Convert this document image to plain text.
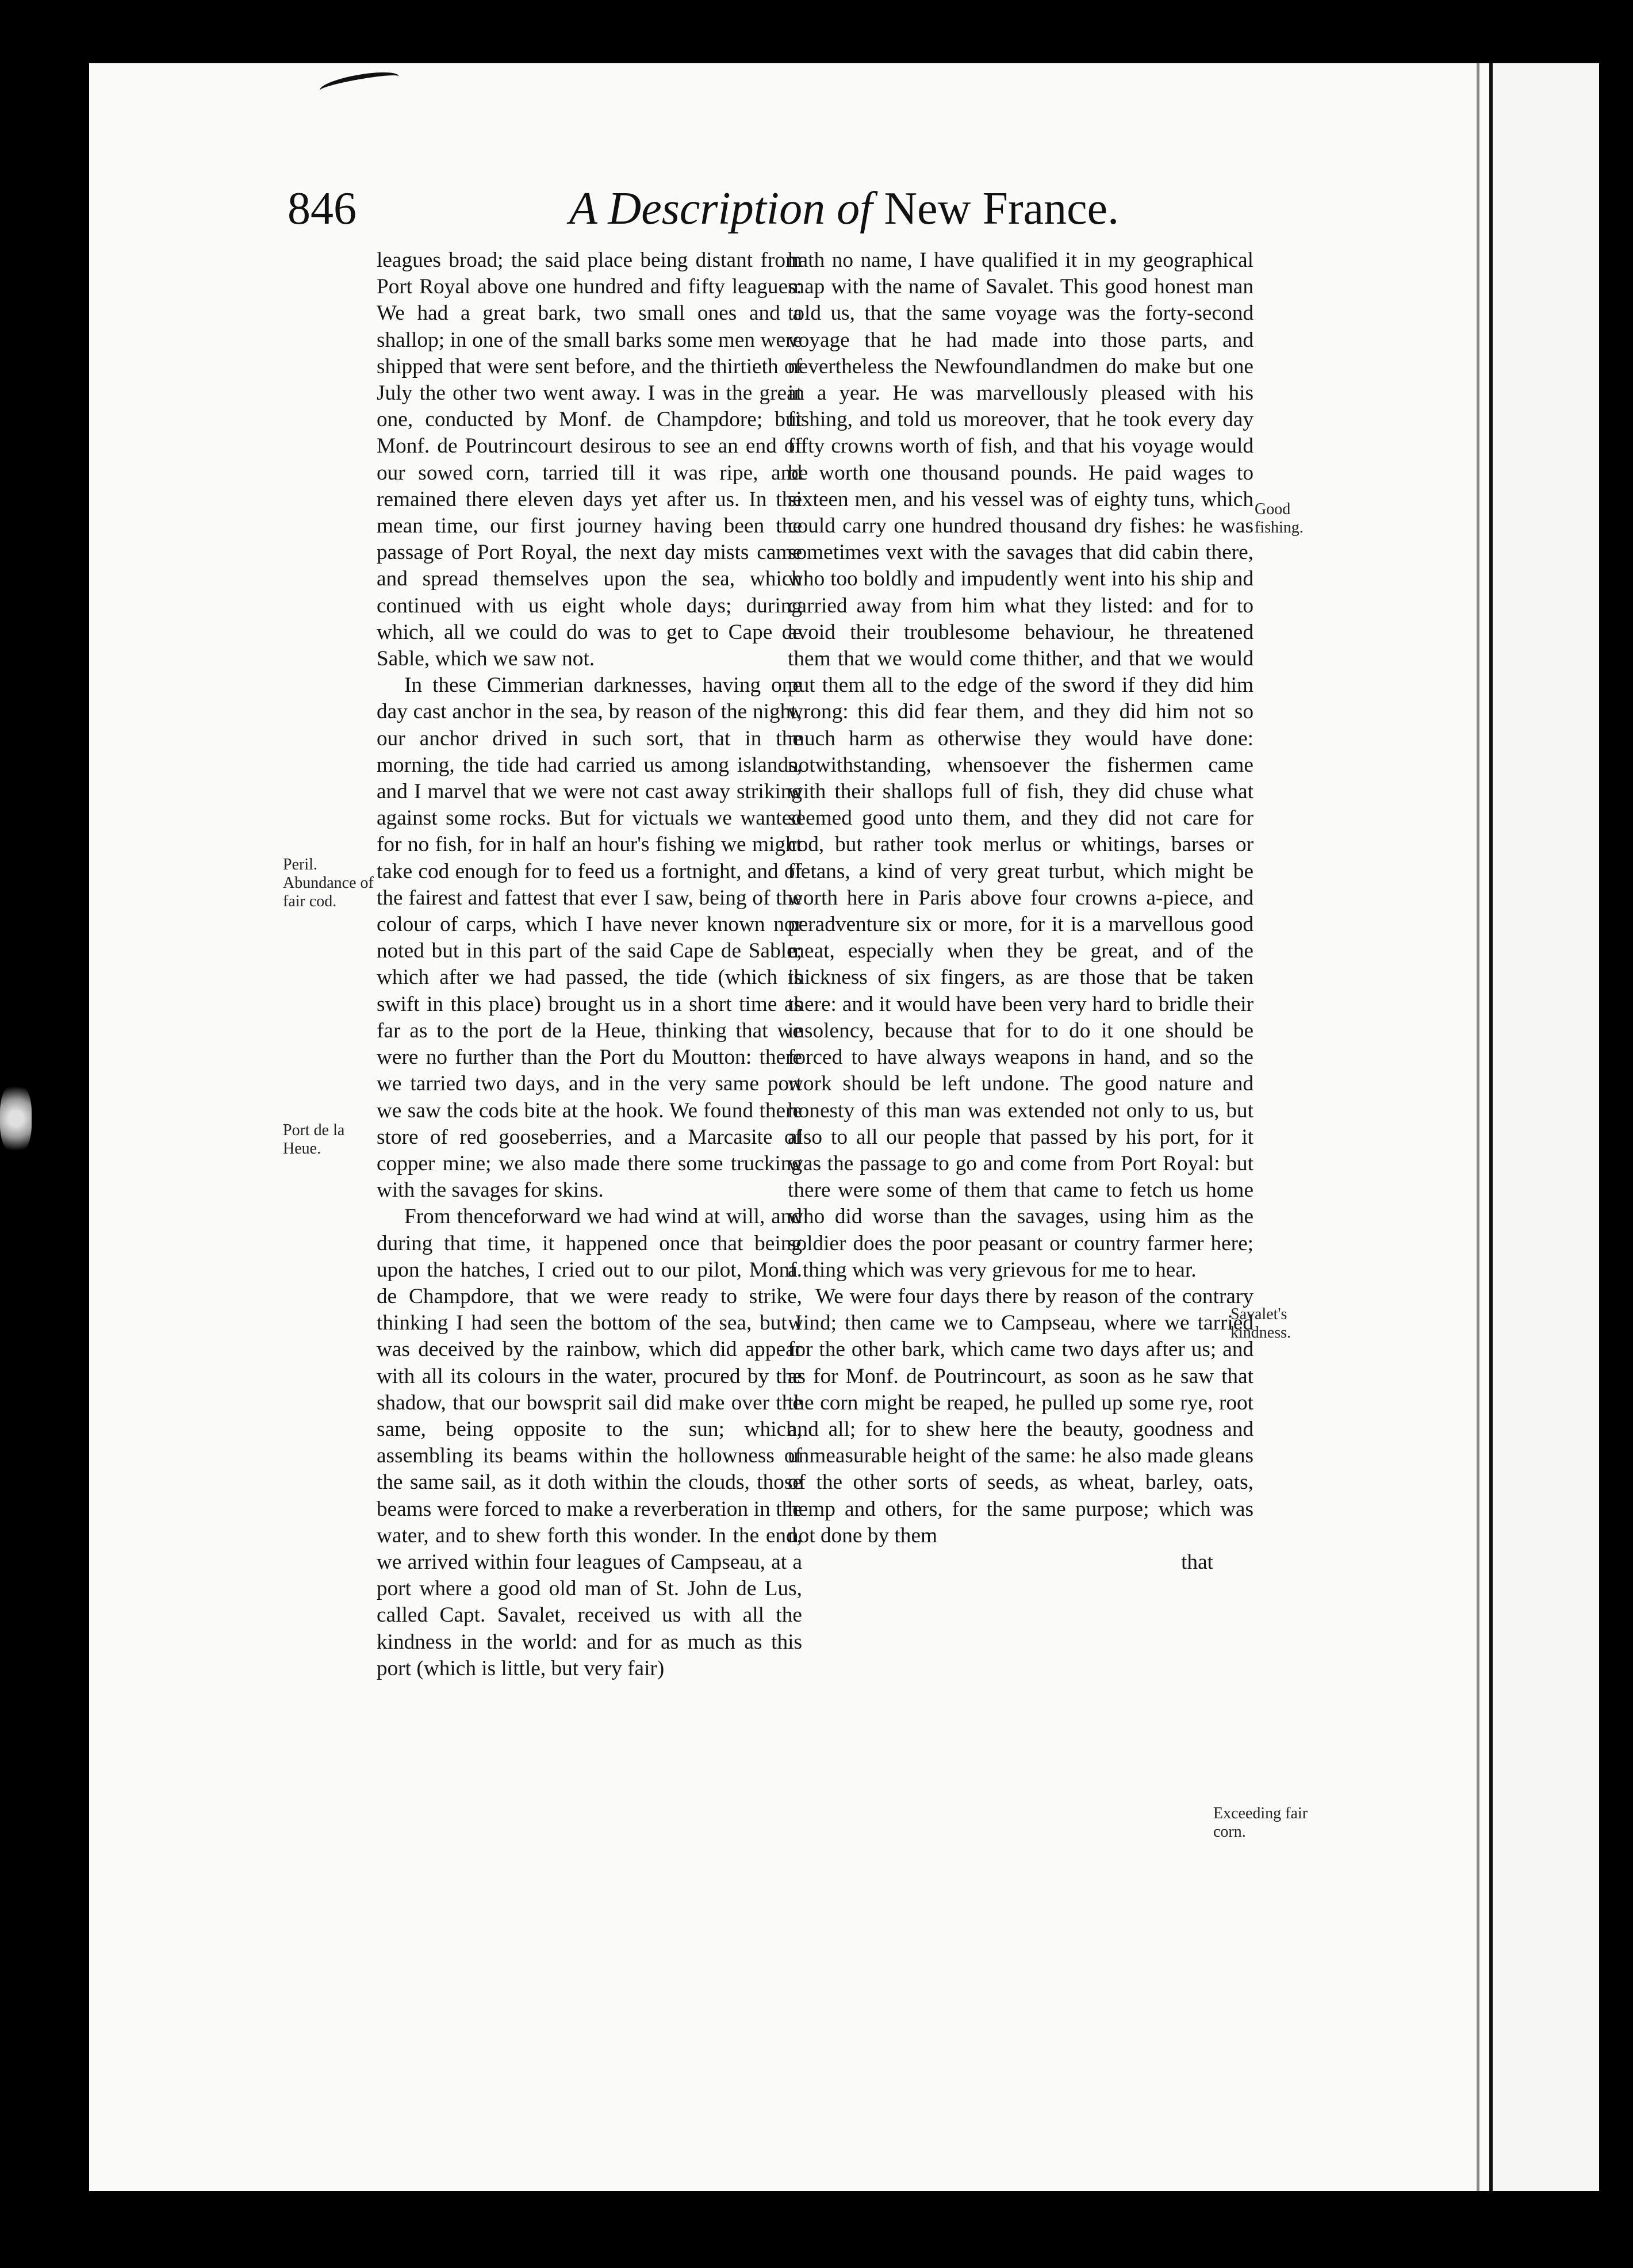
846	A Description of New France.
Peril. Abundance of fair cod.
Port de la Heue.
Good fishing.
Savalet's kindness.
Exceeding fair corn.

leagues broad; the said place being distant from Port Royal above one hundred and fifty leagues: We had a great bark, two small ones and a shallop; in one of the small barks some men were shipped that were sent before, and the thirtieth of July the other two went away. I was in the great one, conducted by Monf. de Champdore; but Monf. de Poutrincourt desirous to see an end of our sowed corn, tarried till it was ripe, and remained there eleven days yet after us. In the mean time, our first journey having been the passage of Port Royal, the next day mists came and spread themselves upon the sea, which continued with us eight whole days; during which, all we could do was to get to Cape de Sable, which we saw not.

In these Cimmerian darknesses, having one day cast anchor in the sea, by reason of the night, our anchor drived in such sort, that in the morning, the tide had carried us among islands, and I marvel that we were not cast away striking against some rocks. But for victuals we wanted for no fish, for in half an hour's fishing we might take cod enough for to feed us a fortnight, and of the fairest and fattest that ever I saw, being of the colour of carps, which I have never known nor noted but in this part of the said Cape de Sable; which after we had passed, the tide (which is swift in this place) brought us in a short time as far as to the port de la Heue, thinking that we were no further than the Port du Moutton: there we tarried two days, and in the very same port we saw the cods bite at the hook. We found there store of red gooseberries, and a Marcasite of copper mine; we also made there some trucking with the savages for skins.

From thenceforward we had wind at will, and during that time, it happened once that being upon the hatches, I cried out to our pilot, Monf. de Champdore, that we were ready to strike, thinking I had seen the bottom of the sea, but I was deceived by the rainbow, which did appear with all its colours in the water, procured by the shadow, that our bowsprit sail did make over the same, being opposite to the sun; which, assembling its beams within the hollowness of the same sail, as it doth within the clouds, those beams were forced to make a reverberation in the water, and to shew forth this wonder. In the end, we arrived within four leagues of Campseau, at a port where a good old man of St. John de Lus, called Capt. Savalet, received us with all the kindness in the world: and for as much as this port (which is little, but very fair)

hath no name, I have qualified it in my geographical map with the name of Savalet. This good honest man told us, that the same voyage was the forty-second voyage that he had made into those parts, and nevertheless the Newfoundlandmen do make but one in a year. He was marvellously pleased with his fishing, and told us moreover, that he took every day fifty crowns worth of fish, and that his voyage would be worth one thousand pounds. He paid wages to sixteen men, and his vessel was of eighty tuns, which could carry one hundred thousand dry fishes: he was sometimes vext with the savages that did cabin there, who too boldly and impudently went into his ship and carried away from him what they listed: and for to avoid their troublesome behaviour, he threatened them that we would come thither, and that we would put them all to the edge of the sword if they did him wrong: this did fear them, and they did him not so much harm as otherwise they would have done: notwithstanding, whensoever the fishermen came with their shallops full of fish, they did chuse what seemed good unto them, and they did not care for cod, but rather took merlus or whitings, barses or fletans, a kind of very great turbut, which might be worth here in Paris above four crowns a-piece, and peradventure six or more, for it is a marvellous good meat, especially when they be great, and of the thickness of six fingers, as are those that be taken there: and it would have been very hard to bridle their insolency, because that for to do it one should be forced to have always weapons in hand, and so the work should be left undone. The good nature and honesty of this man was extended not only to us, but also to all our people that passed by his port, for it was the passage to go and come from Port Royal: but there were some of them that came to fetch us home who did worse than the savages, using him as the soldier does the poor peasant or country farmer here; a thing which was very grievous for me to hear.

We were four days there by reason of the contrary wind; then came we to Campseau, where we tarried for the other bark, which came two days after us; and as for Monf. de Poutrincourt, as soon as he saw that the corn might be reaped, he pulled up some rye, root and all; for to shew here the beauty, goodness and unmeasurable height of the same: he also made gleans of the other sorts of seeds, as wheat, barley, oats, hemp and others, for the same purpose; which was not done by them

that
